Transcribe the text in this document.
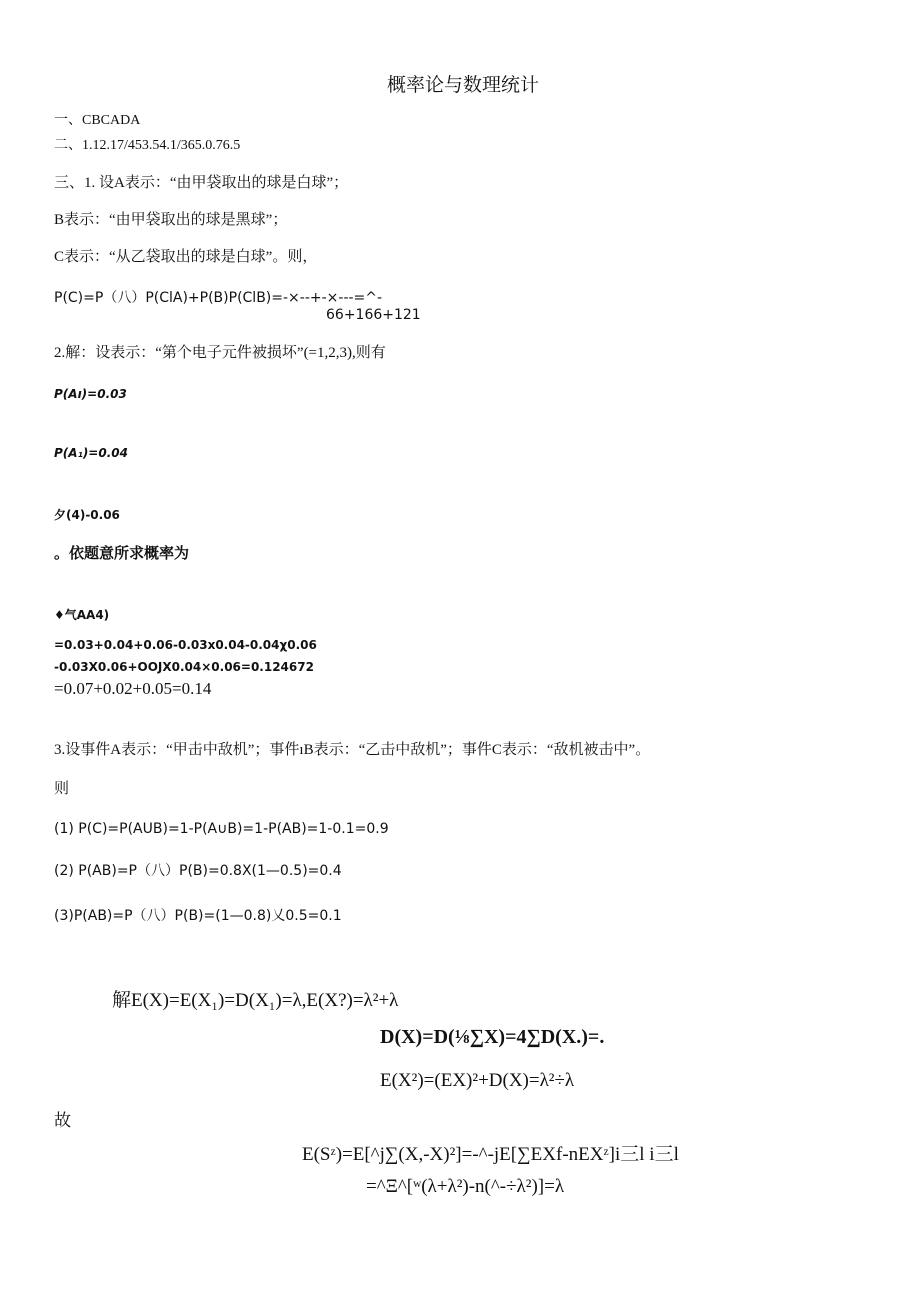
概率论与数理统计
一、CBCADA
二、1.12.17/453.54.1/365.0.76.5
三、1. 设A表示：“由甲袋取出的球是白球”；
B表示：“由甲袋取出的球是黑球”；
C表示：“从乙袋取出的球是白球”。则，
P(C)=P（八）P(ClA)+P(B)P(ClB)=-×--+-×---=^-
66+166+121
2.解：设表示：“第个电子元件被损坏”(=1,2,3),则有
P(Aı)=0.03
P(A₁)=0.04
夕(4)-0.06
。依题意所求概率为
♦气AA4)
=0.03+0.04+0.06-0.03x0.04-0.04χ0.06
-0.03X0.06+OOJX0.04×0.06=0.124672
=0.07+0.02+0.05=0.14
3.设事件A表示：“甲击中敌机”；事件ıB表示：“乙击中敌机”；事件C表示：“敌机被击中”。
则
(1) P(C)=P(AUB)=1-P(A∪B)=1-P(AB)=1-0.1=0.9
(2) P(AB)=P（八）P(B)=0.8X(1—0.5)=0.4
(3)P(AB)=P（八）P(B)=(1—0.8)乂0.5=0.1
解E(X)=E(X₁)=D(X₁)=λ,E(X?)=λ²+λ
D(X)=D(⅛∑X)=4∑D(X.)=.
E(X²)=(EX)²+D(X)=λ²÷λ
故
E(Sᶻ)=E[^j∑(X,-X)²]=-^-jE[∑EXf-nEXᶻ]i三l i三l
=^Ξ^[ʷ(λ+λ²)-n(^-÷λ²)]=λ
